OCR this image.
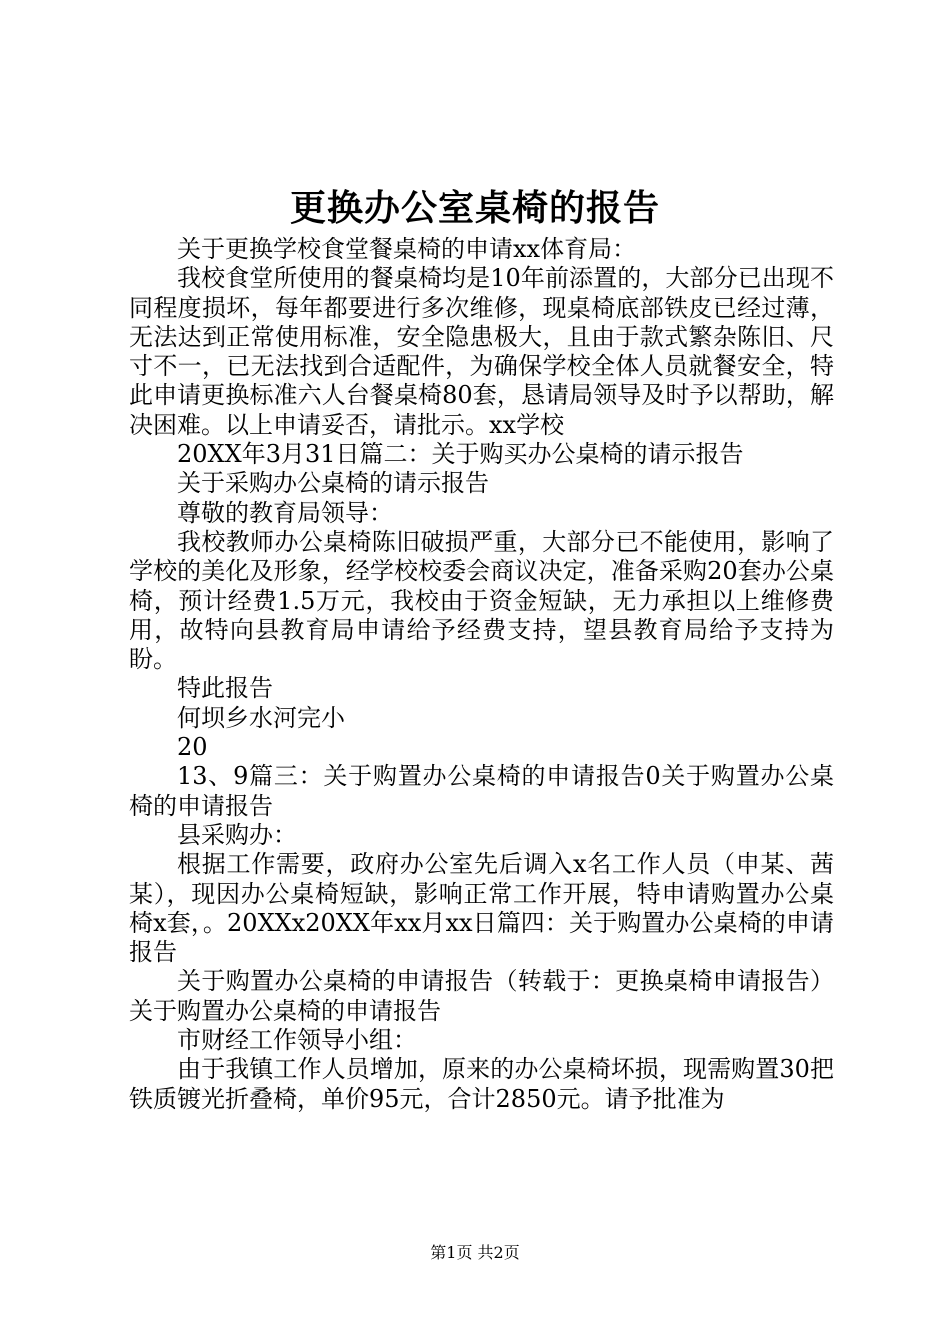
更换办公室桌椅的报告

关于更换学校食堂餐桌椅的申请xx体育局：

我校食堂所使用的餐桌椅均是10年前添置的，大部分已出现不同程度损坏，每年都要进行多次维修，现桌椅底部铁皮已经过薄，无法达到正常使用标准，安全隐患极大，且由于款式繁杂陈旧、尺寸不一，已无法找到合适配件，为确保学校全体人员就餐安全，特此申请更换标准六人台餐桌椅80套，恳请局领导及时予以帮助，解决困难。以上申请妥否，请批示。xx学校

20XX年3月31日篇二：关于购买办公桌椅的请示报告

关于采购办公桌椅的请示报告

尊敬的教育局领导：

我校教师办公桌椅陈旧破损严重，大部分已不能使用，影响了学校的美化及形象，经学校校委会商议决定，准备采购20套办公桌椅，预计经费1.5万元，我校由于资金短缺，无力承担以上维修费用，故特向县教育局申请给予经费支持，望县教育局给予支持为盼。

特此报告

何坝乡水河完小

20

13、9篇三：关于购置办公桌椅的申请报告0关于购置办公桌椅的申请报告

县采购办：

根据工作需要，政府办公室先后调入x名工作人员（申某、茜某），现因办公桌椅短缺，影响正常工作开展，特申请购置办公桌椅x套，。20XXx20XX年xx月xx日篇四：关于购置办公桌椅的申请报告

关于购置办公桌椅的申请报告（转载于：更换桌椅申请报告）关于购置办公桌椅的申请报告

市财经工作领导小组：

由于我镇工作人员增加，原来的办公桌椅坏损，现需购置30把铁质镀光折叠椅，单价95元，合计2850元。请予批准为

第1页 共2页
